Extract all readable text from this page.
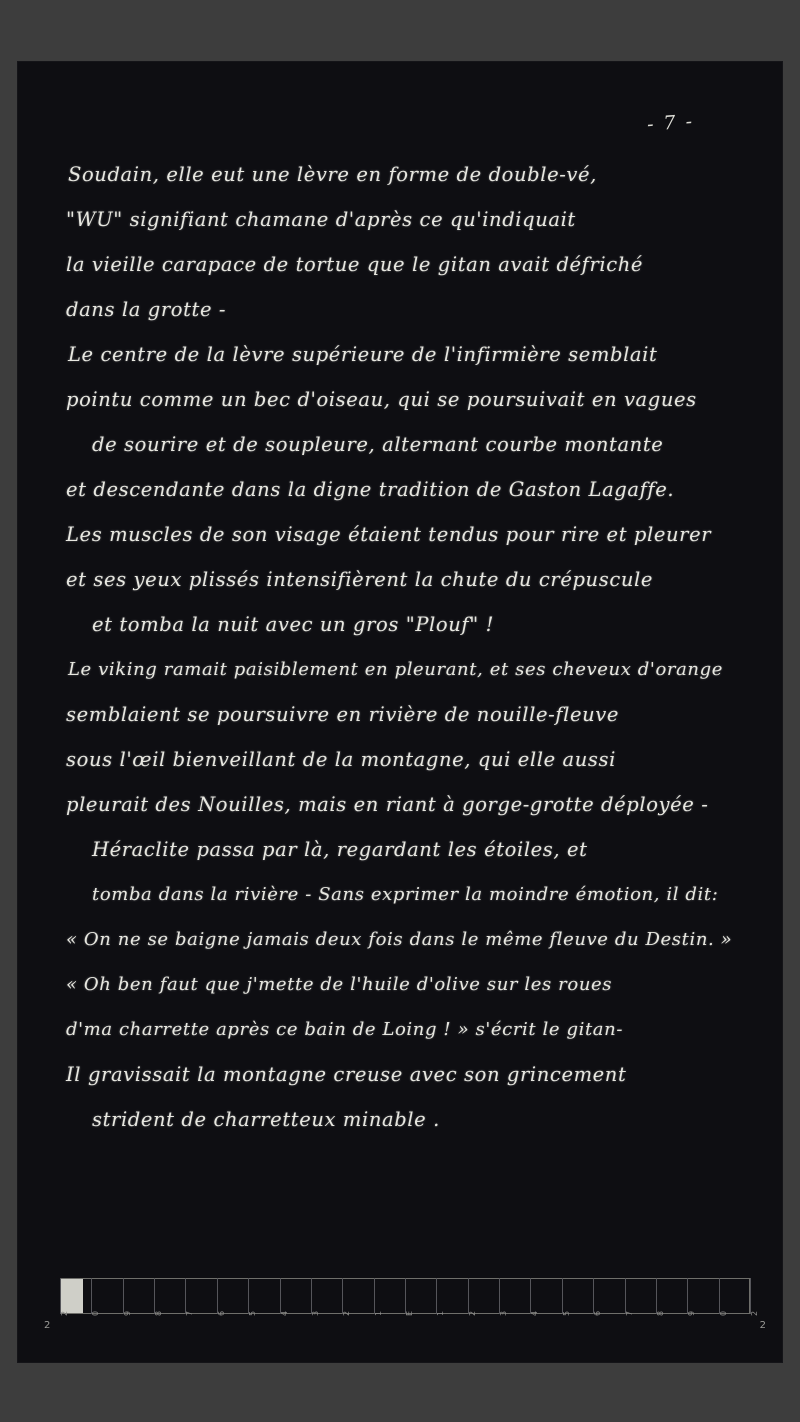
- 7 -
Soudain, elle eut une lèvre en forme de double-vé,
"WU" signifiant chamane d'après ce qu'indiquait
la vieille carapace de tortue que le gitan avait défriché
dans la grotte -
Le centre de la lèvre supérieure de l'infirmière semblait
pointu comme un bec d'oiseau, qui se poursuivait en vagues
de sourire et de soupleure, alternant courbe montante
et descendante dans la digne tradition de Gaston Lagaffe.
Les muscles de son visage étaient tendus pour rire et pleurer
et ses yeux plissés intensifièrent la chute du crépuscule
et tomba la nuit avec un gros "Plouf" !
Le viking ramait paisiblement en pleurant, et ses cheveux d'orange
semblaient se poursuivre en rivière de nouille-fleuve
sous l'œil bienveillant de la montagne, qui elle aussi
pleurait des Nouilles, mais en riant à gorge-grotte déployée -
Héraclite passa par là, regardant les étoiles, et
tomba dans la rivière - Sans exprimer la moindre émotion, il dit:
« On ne se baigne jamais deux fois dans le même fleuve du Destin. »
« Oh ben faut que j'mette de l'huile d'olive sur les roues
d'ma charrette après ce bain de Loing ! » s'écrit le gitan-
Il gravissait la montagne creuse avec son grincement
strident de charretteux minable .
2	2
2	0	9	8	7	6	5	4	3	2	1	E	1	2	3	4	5	6	7	8	9	0	2
